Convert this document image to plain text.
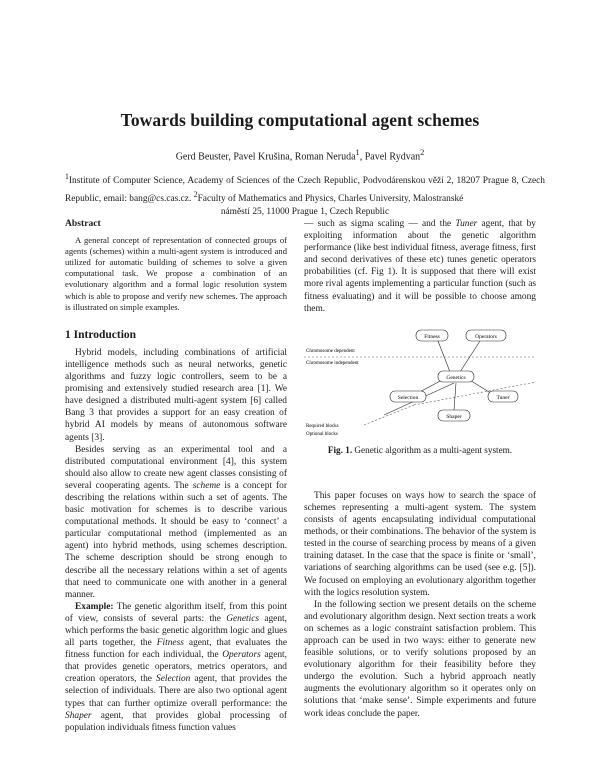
Towards building computational agent schemes
Gerd Beuster, Pavel Krušina, Roman Neruda$^1$, Pavel Rydvan$^2$
$^1$Institute of Computer Science, Academy of Sciences of the Czech Republic, Podvodárenskou věží 2, 18207 Prague 8, Czech Republic, email: bang@cs.cas.cz. $^2$Faculty of Mathematics and Physics, Charles University, Malostranské
náměstí 25, 11000 Prague 1, Czech Republic
Abstract
A general concept of representation of connected groups of agents (schemes) within a multi-agent system is introduced and utilized for automatic building of schemes to solve a given computational task. We propose a combination of an evolutionary algorithm and a formal logic resolution system which is able to propose and verify new schemes. The approach is illustrated on simple examples.
1 Introduction
Hybrid models, including combinations of artificial intelligence methods such as neural networks, genetic algorithms and fuzzy logic controllers, seem to be a promising and extensively studied research area [1]. We have designed a distributed multi-agent system [6] called Bang 3 that provides a support for an easy creation of hybrid AI models by means of autonomous software agents [3].
Besides serving as an experimental tool and a distributed computational environment [4], this system should also allow to create new agent classes consisting of several cooperating agents. The scheme is a concept for describing the relations within such a set of agents. The basic motivation for schemes is to describe various computational methods. It should be easy to ‘connect’ a particular computational method (implemented as an agent) into hybrid methods, using schemes description. The scheme description should be strong enough to describe all the necessary relations within a set of agents that need to communicate one with another in a general manner.
Example: The genetic algorithm itself, from this point of view, consists of several parts: the Genetics agent, which performs the basic genetic algorithm logic and glues all parts together, the Fitness agent, that evaluates the fitness function for each individual, the Operators agent, that provides genetic operators, metrics operators, and creation operators, the Selection agent, that provides the selection of individuals. There are also two optional agent types that can further optimize overall performance: the Shaper agent, that provides global processing of population individuals fitness function values
— such as sigma scaling — and the Tuner agent, that by exploiting information about the genetic algorithm performance (like best individual fitness, average fitness, first and second derivatives of these etc) tunes genetic operators probabilities (cf. Fig 1). It is supposed that there will exist more rival agents implementing a particular function (such as fitness evaluating) and it will be possible to choose among them.
Fitness	Operators
Genetics
Selection	Tuner
Shaper
Chromosome dependent
Chromosome independent
Required blocks
Optional blocks
Fig. 1. Genetic algorithm as a multi-agent system.
This paper focuses on ways how to search the space of schemes representing a multi-agent system. The system consists of agents encapsulating individual computational methods, or their combinations. The behavior of the system is tested in the course of searching process by means of a given training dataset. In the case that the space is finite or ‘small’, variations of searching algorithms can be used (see e.g. [5]). We focused on employing an evolutionary algorithm together with the logics resolution system.
In the following section we present details on the scheme and evolutionary algorithm design. Next section treats a work on schemes as a logic constraint satisfaction problem. This approach can be used in two ways: either to generate new feasible solutions, or to verify solutions proposed by an evolutionary algorithm for their feasibility before they undergo the evolution. Such a hybrid approach neatly augments the evolutionary algorithm so it operates only on solutions that ‘make sense’. Simple experiments and future work ideas conclude the paper.
